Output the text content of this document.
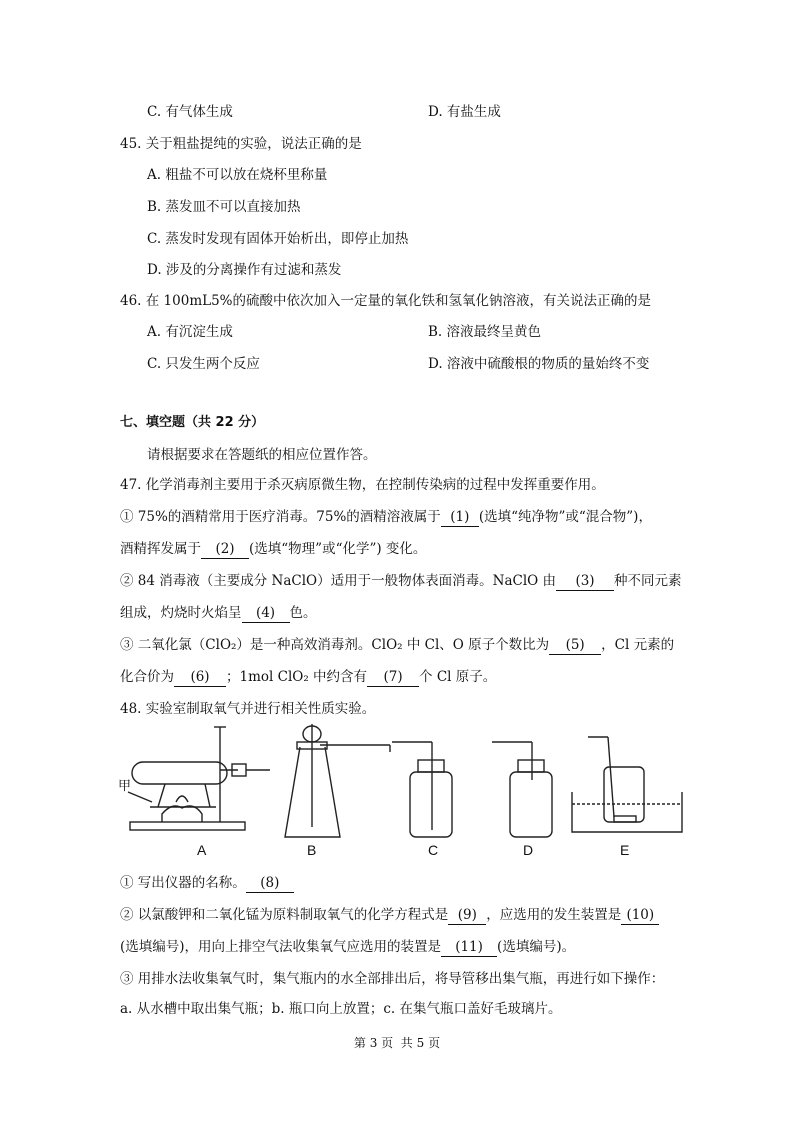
C. 有气体生成	D. 有盐生成
45. 关于粗盐提纯的实验，说法正确的是
A. 粗盐不可以放在烧杯里称量
B. 蒸发皿不可以直接加热
C. 蒸发时发现有固体开始析出，即停止加热
D. 涉及的分离操作有过滤和蒸发
46. 在 100mL5%的硫酸中依次加入一定量的氧化铁和氢氧化钠溶液，有关说法正确的是
A. 有沉淀生成	B. 溶液最终呈黄色
C. 只发生两个反应	D. 溶液中硫酸根的物质的量始终不变
七、填空题（共 22 分）
请根据要求在答题纸的相应位置作答。
47. 化学消毒剂主要用于杀灭病原微生物，在控制传染病的过程中发挥重要作用。
① 75%的酒精常用于医疗消毒。75%的酒精溶液属于 (1) (选填“纯净物”或“混合物”)，
酒精挥发属于 (2) (选填“物理”或“化学”) 变化。
② 84 消毒液（主要成分 NaClO）适用于一般物体表面消毒。NaClO 由 (3) 种不同元素
组成，灼烧时火焰呈 (4) 色。
③ 二氧化氯（ClO₂）是一种高效消毒剂。ClO₂ 中 Cl、O 原子个数比为 (5) ，Cl 元素的
化合价为 (6) ；1mol ClO₂ 中约含有 (7) 个 Cl 原子。
48. 实验室制取氧气并进行相关性质实验。
甲
A	B	C	D	E
① 写出仪器的名称。 (8)
② 以氯酸钾和二氧化锰为原料制取氧气的化学方程式是 (9) ，应选用的发生装置是 (10)
(选填编号)，用向上排空气法收集氧气应选用的装置是 (11) (选填编号)。
③ 用排水法收集氧气时，集气瓶内的水全部排出后，将导管移出集气瓶，再进行如下操作：
a. 从水槽中取出集气瓶；b. 瓶口向上放置；c. 在集气瓶口盖好毛玻璃片。
第 3 页  共 5 页
